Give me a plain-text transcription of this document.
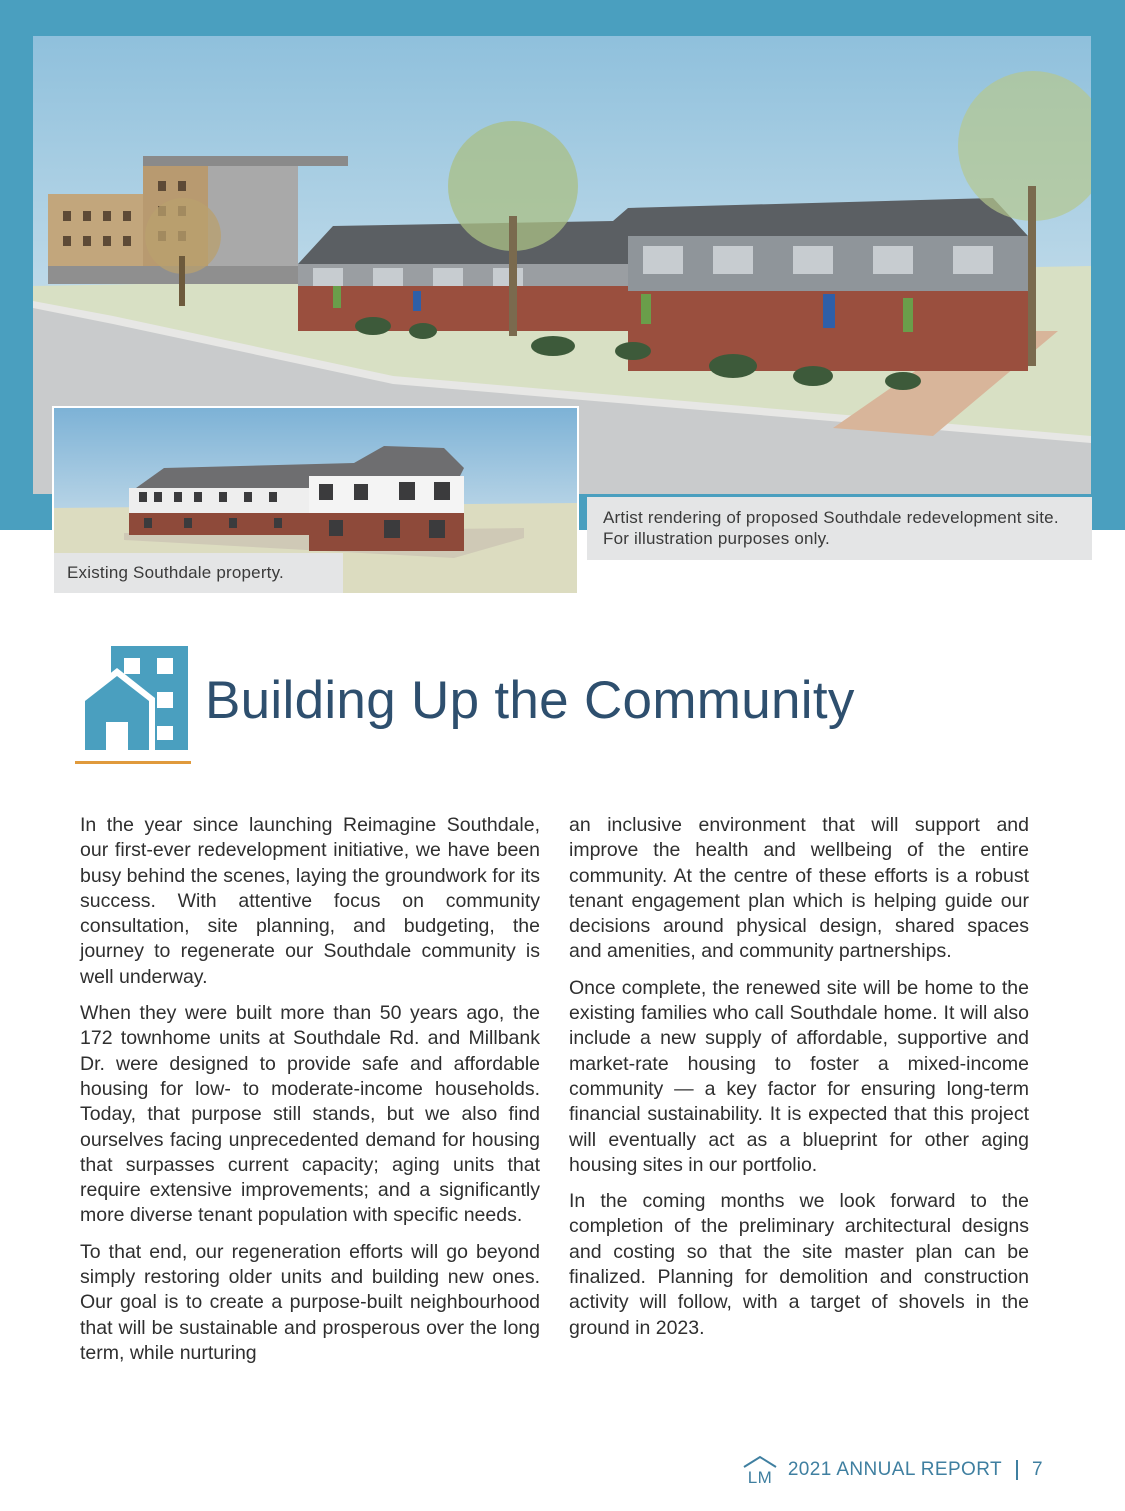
Artist rendering of proposed Southdale redevelopment site. For illustration purposes only.
Existing Southdale property.
Building Up the Community

In the year since launching Reimagine Southdale, our first-ever redevelopment initiative, we have been busy behind the scenes, laying the groundwork for its success. With attentive focus on community consultation, site planning, and budgeting, the journey to regenerate our Southdale community is well underway.

When they were built more than 50 years ago, the 172 townhome units at Southdale Rd. and Millbank Dr. were designed to provide safe and affordable housing for low- to moderate-income households. Today, that purpose still stands, but we also find ourselves facing unprecedented demand for housing that surpasses current capacity; aging units that require extensive improvements; and a significantly more diverse tenant population with specific needs.

To that end, our regeneration efforts will go beyond simply restoring older units and building new ones. Our goal is to create a purpose-built neighbourhood that will be sustainable and prosperous over the long term, while nurturing

an inclusive environment that will support and improve the health and wellbeing of the entire community. At the centre of these efforts is a robust tenant engagement plan which is helping guide our decisions around physical design, shared spaces and amenities, and community partnerships.

Once complete, the renewed site will be home to the existing families who call Southdale home. It will also include a new supply of affordable, supportive and market-rate housing to foster a mixed-income community — a key factor for ensuring long-term financial sustainability. It is expected that this project will eventually act as a blueprint for other aging housing sites in our portfolio.

In the coming months we look forward to the completion of the preliminary architectural designs and costing so that the site master plan can be finalized. Planning for demolition and construction activity will follow, with a target of shovels in the ground in 2023.

LM 2021 ANNUAL REPORT 7
